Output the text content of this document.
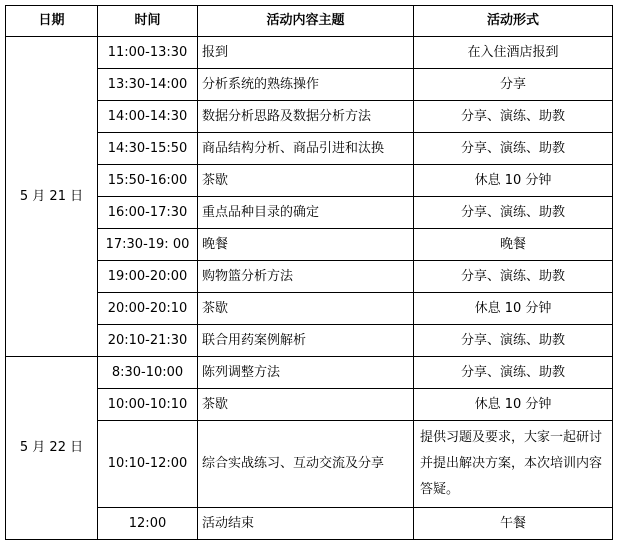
日期	时间	活动内容主题	活动形式
5 月 21 日	11:00-13:30	报到	在入住酒店报到
	13:30-14:00	分析系统的熟练操作	分享
	14:00-14:30	数据分析思路及数据分析方法	分享、演练、助教
	14:30-15:50	商品结构分析、商品引进和汰换	分享、演练、助教
	15:50-16:00	茶歇	休息 10 分钟
	16:00-17:30	重点品种目录的确定	分享、演练、助教
	17:30-19: 00	晚餐	晚餐
	19:00-20:00	购物篮分析方法	分享、演练、助教
	20:00-20:10	茶歇	休息 10 分钟
	20:10-21:30	联合用药案例解析	分享、演练、助教
5 月 22 日	8:30-10:00	陈列调整方法	分享、演练、助教
	10:00-10:10	茶歇	休息 10 分钟
	10:10-12:00	综合实战练习、互动交流及分享	提供习题及要求，大家一起研讨并提出解决方案，本次培训内容答疑。
	12:00	活动结束	午餐
